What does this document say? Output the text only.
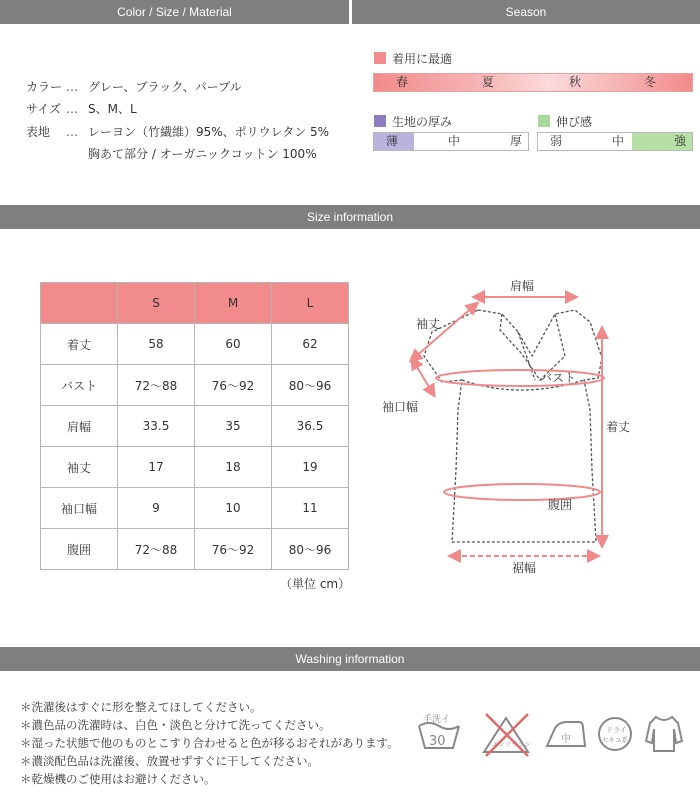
Color / Size / Material	Season
カラー … グレー、ブラック、パープル
サイズ … S、M、L
表地 … レーヨン（竹繊維）95%、ポリウレタン 5%
胸あて部分 / オーガニックコットン 100%
着用に最適
春	夏	秋	冬
生地の厚み
薄	中	厚
伸び感
弱	中	強
Size information
	S	M	L
着丈	58	60	62
バスト	72〜88	76〜92	80〜96
肩幅	33.5	35	36.5
袖丈	17	18	19
袖口幅	9	10	11
腹囲	72〜88	76〜92	80〜96
（単位 cm）
肩幅
袖丈
バスト
袖口幅
着丈
腹囲
裾幅
Washing information
＊洗濯後はすぐに形を整えてほしてください。
＊濃色品の洗濯時は、白色・淡色と分けて洗ってください。
＊湿った状態で他のものとこすり合わせると色が移るおそれがあります。
＊濃淡配色品は洗濯後、放置せずすぐに干してください。
＊乾燥機のご使用はお避けください。
手洗イ
30	エンソサラシ	中
ドライ
セキユ系
